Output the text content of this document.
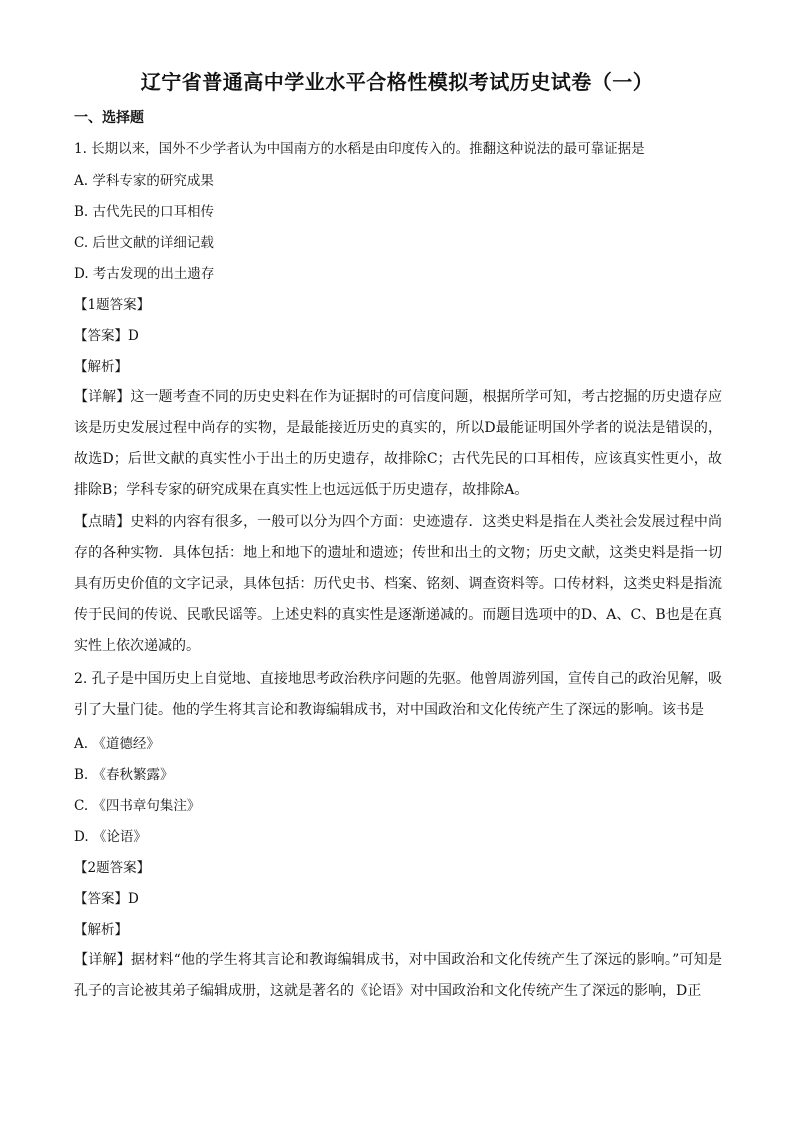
辽宁省普通高中学业水平合格性模拟考试历史试卷（一）
一、选择题
1. 长期以来，国外不少学者认为中国南方的水稻是由印度传入的。推翻这种说法的最可靠证据是
A. 学科专家的研究成果
B. 古代先民的口耳相传
C. 后世文献的详细记载
D. 考古发现的出土遗存
【1题答案】
【答案】D
【解析】
【详解】这一题考查不同的历史史料在作为证据时的可信度问题，根据所学可知，考古挖掘的历史遗存应该是历史发展过程中尚存的实物，是最能接近历史的真实的，所以D最能证明国外学者的说法是错误的，故选D；后世文献的真实性小于出土的历史遗存，故排除C；古代先民的口耳相传，应该真实性更小，故排除B；学科专家的研究成果在真实性上也远远低于历史遗存，故排除A。
【点睛】史料的内容有很多，一般可以分为四个方面：史迹遗存．这类史料是指在人类社会发展过程中尚存的各种实物．具体包括：地上和地下的遗址和遗迹；传世和出土的文物；历史文献，这类史料是指一切具有历史价值的文字记录，具体包括：历代史书、档案、铭刻、调查资料等。口传材料，这类史料是指流传于民间的传说、民歌民谣等。上述史料的真实性是逐渐递减的。而题目选项中的D、A、C、B也是在真实性上依次递减的。
2. 孔子是中国历史上自觉地、直接地思考政治秩序问题的先驱。他曾周游列国，宣传自己的政治见解，吸引了大量门徒。他的学生将其言论和教诲编辑成书，对中国政治和文化传统产生了深远的影响。该书是
A. 《道德经》
B. 《春秋繁露》
C. 《四书章句集注》
D. 《论语》
【2题答案】
【答案】D
【解析】
【详解】据材料“他的学生将其言论和教诲编辑成书，对中国政治和文化传统产生了深远的影响。”可知是孔子的言论被其弟子编辑成册，这就是著名的《论语》对中国政治和文化传统产生了深远的影响，D正
